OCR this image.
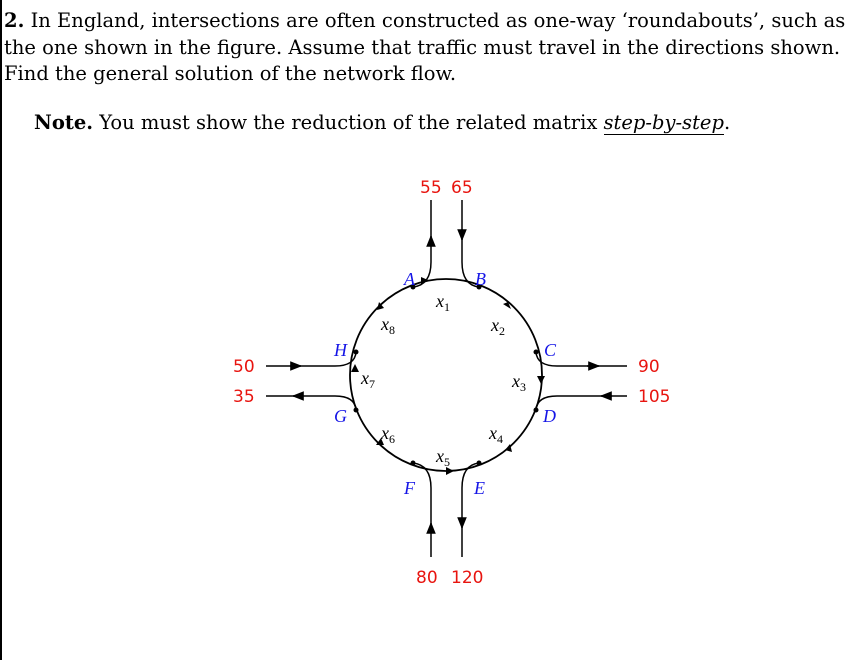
2. In England, intersections are often constructed as one-way ‘roundabouts’, such as the one shown in the figure. Assume that traffic must travel in the directions shown. Find the general solution of the network flow.

Note. You must show the reduction of the related matrix step-by-step.
55 65
50
35
90
105
80 120
A	B
C
D
E
F
G
H
$x_1$
$x_2$
$x_3$
$x_4$
$x_5$
$x_6$
$x_7$
$x_8$
